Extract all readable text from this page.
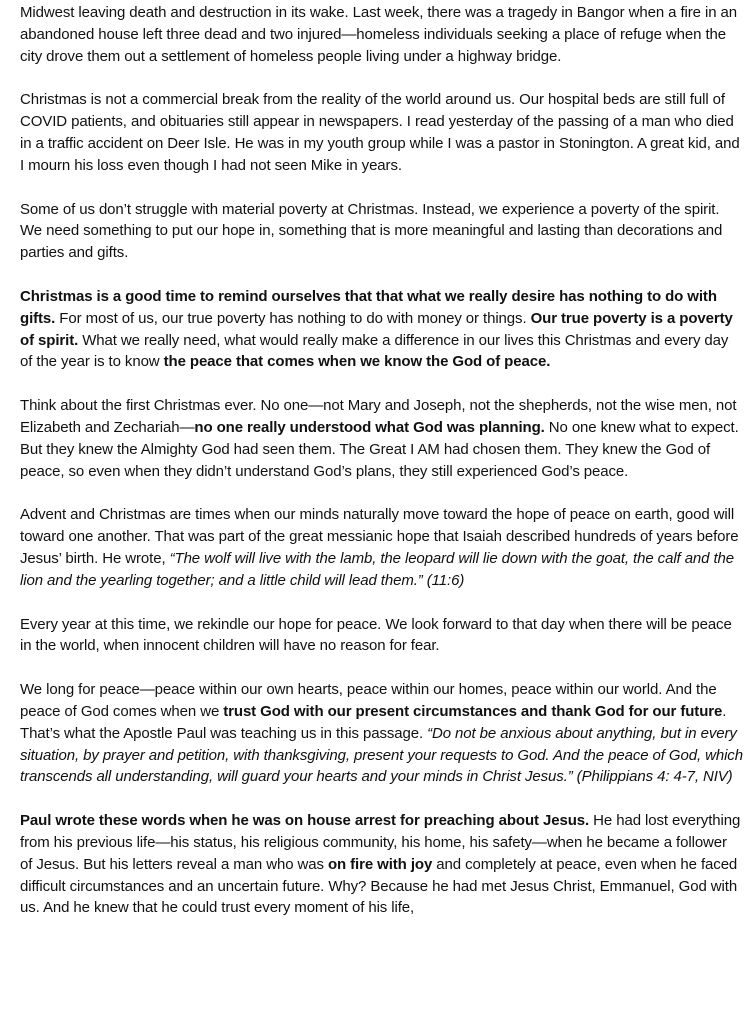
Midwest leaving death and destruction in its wake. Last week, there was a tragedy in Bangor when a fire in an abandoned house left three dead and two injured—homeless individuals seeking a place of refuge when the city drove them out a settlement of homeless people living under a highway bridge.

Christmas is not a commercial break from the reality of the world around us. Our hospital beds are still full of COVID patients, and obituaries still appear in newspapers. I read yesterday of the passing of a man who died in a traffic accident on Deer Isle. He was in my youth group while I was a pastor in Stonington. A great kid, and I mourn his loss even though I had not seen Mike in years.

Some of us don’t struggle with material poverty at Christmas. Instead, we experience a poverty of the spirit. We need something to put our hope in, something that is more meaningful and lasting than decorations and parties and gifts.

Christmas is a good time to remind ourselves that that what we really desire has nothing to do with gifts. For most of us, our true poverty has nothing to do with money or things. Our true poverty is a poverty of spirit. What we really need, what would really make a difference in our lives this Christmas and every day of the year is to know the peace that comes when we know the God of peace.

Think about the first Christmas ever. No one—not Mary and Joseph, not the shepherds, not the wise men, not Elizabeth and Zechariah—no one really understood what God was planning. No one knew what to expect. But they knew the Almighty God had seen them. The Great I AM had chosen them. They knew the God of peace, so even when they didn’t understand God’s plans, they still experienced God’s peace.

Advent and Christmas are times when our minds naturally move toward the hope of peace on earth, good will toward one another. That was part of the great messianic hope that Isaiah described hundreds of years before Jesus’ birth. He wrote, “The wolf will live with the lamb, the leopard will lie down with the goat, the calf and the lion and the yearling together; and a little child will lead them.” (11:6)

Every year at this time, we rekindle our hope for peace. We look forward to that day when there will be peace in the world, when innocent children will have no reason for fear.

We long for peace—peace within our own hearts, peace within our homes, peace within our world. And the peace of God comes when we trust God with our present circumstances and thank God for our future. That’s what the Apostle Paul was teaching us in this passage. “Do not be anxious about anything, but in every situation, by prayer and petition, with thanksgiving, present your requests to God. And the peace of God, which transcends all understanding, will guard your hearts and your minds in Christ Jesus.” (Philippians 4: 4-7, NIV)

Paul wrote these words when he was on house arrest for preaching about Jesus. He had lost everything from his previous life—his status, his religious community, his home, his safety—when he became a follower of Jesus. But his letters reveal a man who was on fire with joy and completely at peace, even when he faced difficult circumstances and an uncertain future. Why? Because he had met Jesus Christ, Emmanuel, God with us. And he knew that he could trust every moment of his life,
